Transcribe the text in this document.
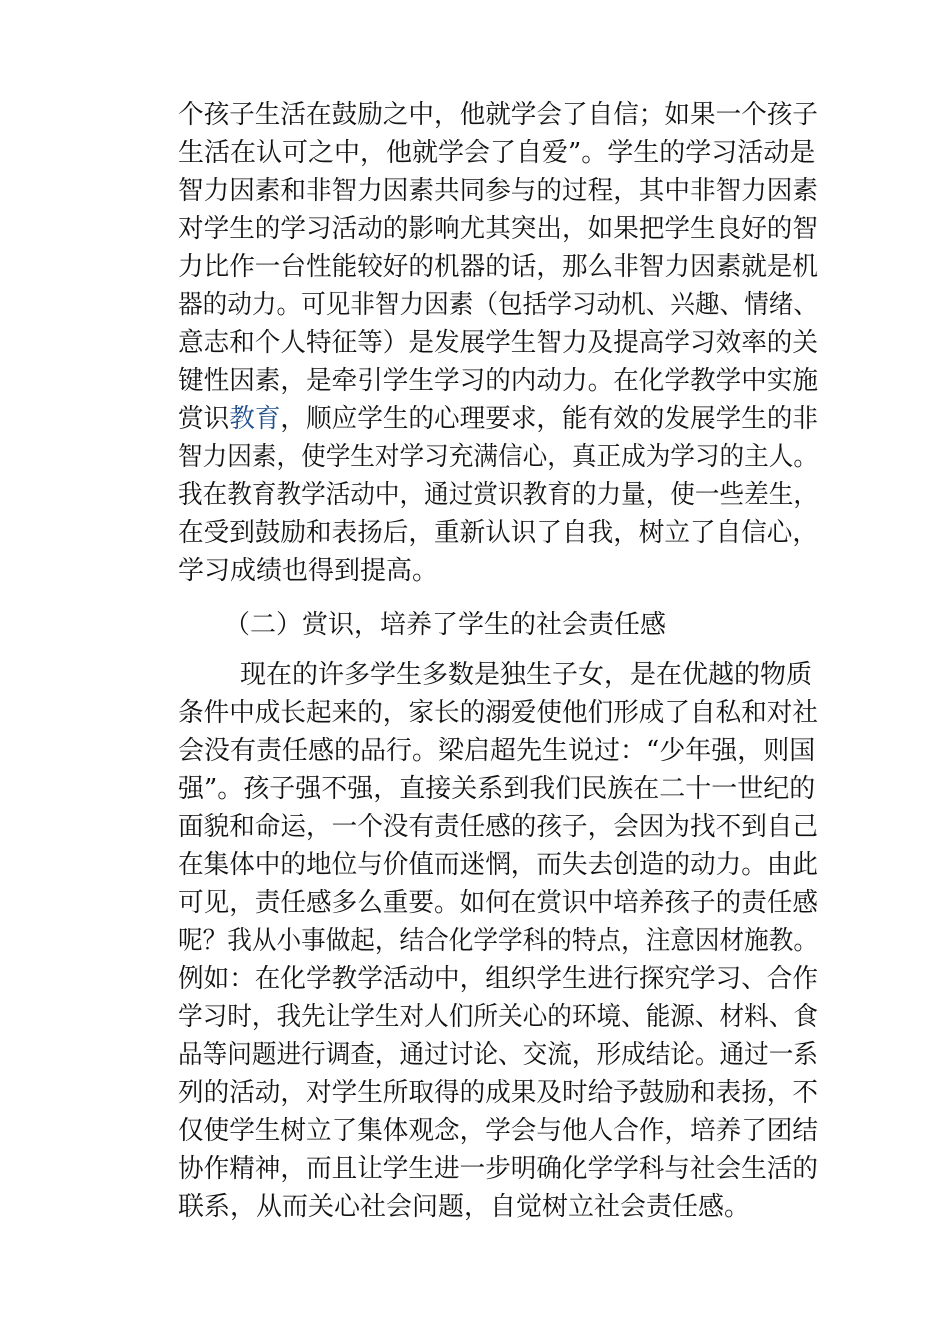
个孩子生活在鼓励之中，他就学会了自信；如果一个孩子
生活在认可之中，他就学会了自爱”。学生的学习活动是
智力因素和非智力因素共同参与的过程，其中非智力因素
对学生的学习活动的影响尤其突出，如果把学生良好的智
力比作一台性能较好的机器的话，那么非智力因素就是机
器的动力。可见非智力因素（包括学习动机、兴趣、情绪、
意志和个人特征等）是发展学生智力及提高学习效率的关
键性因素，是牵引学生学习的内动力。在化学教学中实施
赏识教育，顺应学生的心理要求，能有效的发展学生的非
智力因素，使学生对学习充满信心，真正成为学习的主人。
我在教育教学活动中，通过赏识教育的力量，使一些差生，
在受到鼓励和表扬后，重新认识了自我，树立了自信心，
学习成绩也得到提高。
（二）赏识，培养了学生的社会责任感
现在的许多学生多数是独生子女，是在优越的物质
条件中成长起来的，家长的溺爱使他们形成了自私和对社
会没有责任感的品行。梁启超先生说过：“少年强，则国
强”。孩子强不强，直接关系到我们民族在二十一世纪的
面貌和命运，一个没有责任感的孩子，会因为找不到自己
在集体中的地位与价值而迷惘，而失去创造的动力。由此
可见，责任感多么重要。如何在赏识中培养孩子的责任感
呢？我从小事做起，结合化学学科的特点，注意因材施教。
例如：在化学教学活动中，组织学生进行探究学习、合作
学习时，我先让学生对人们所关心的环境、能源、材料、食
品等问题进行调查，通过讨论、交流，形成结论。通过一系
列的活动，对学生所取得的成果及时给予鼓励和表扬，不
仅使学生树立了集体观念，学会与他人合作，培养了团结
协作精神，而且让学生进一步明确化学学科与社会生活的
联系，从而关心社会问题，自觉树立社会责任感。
